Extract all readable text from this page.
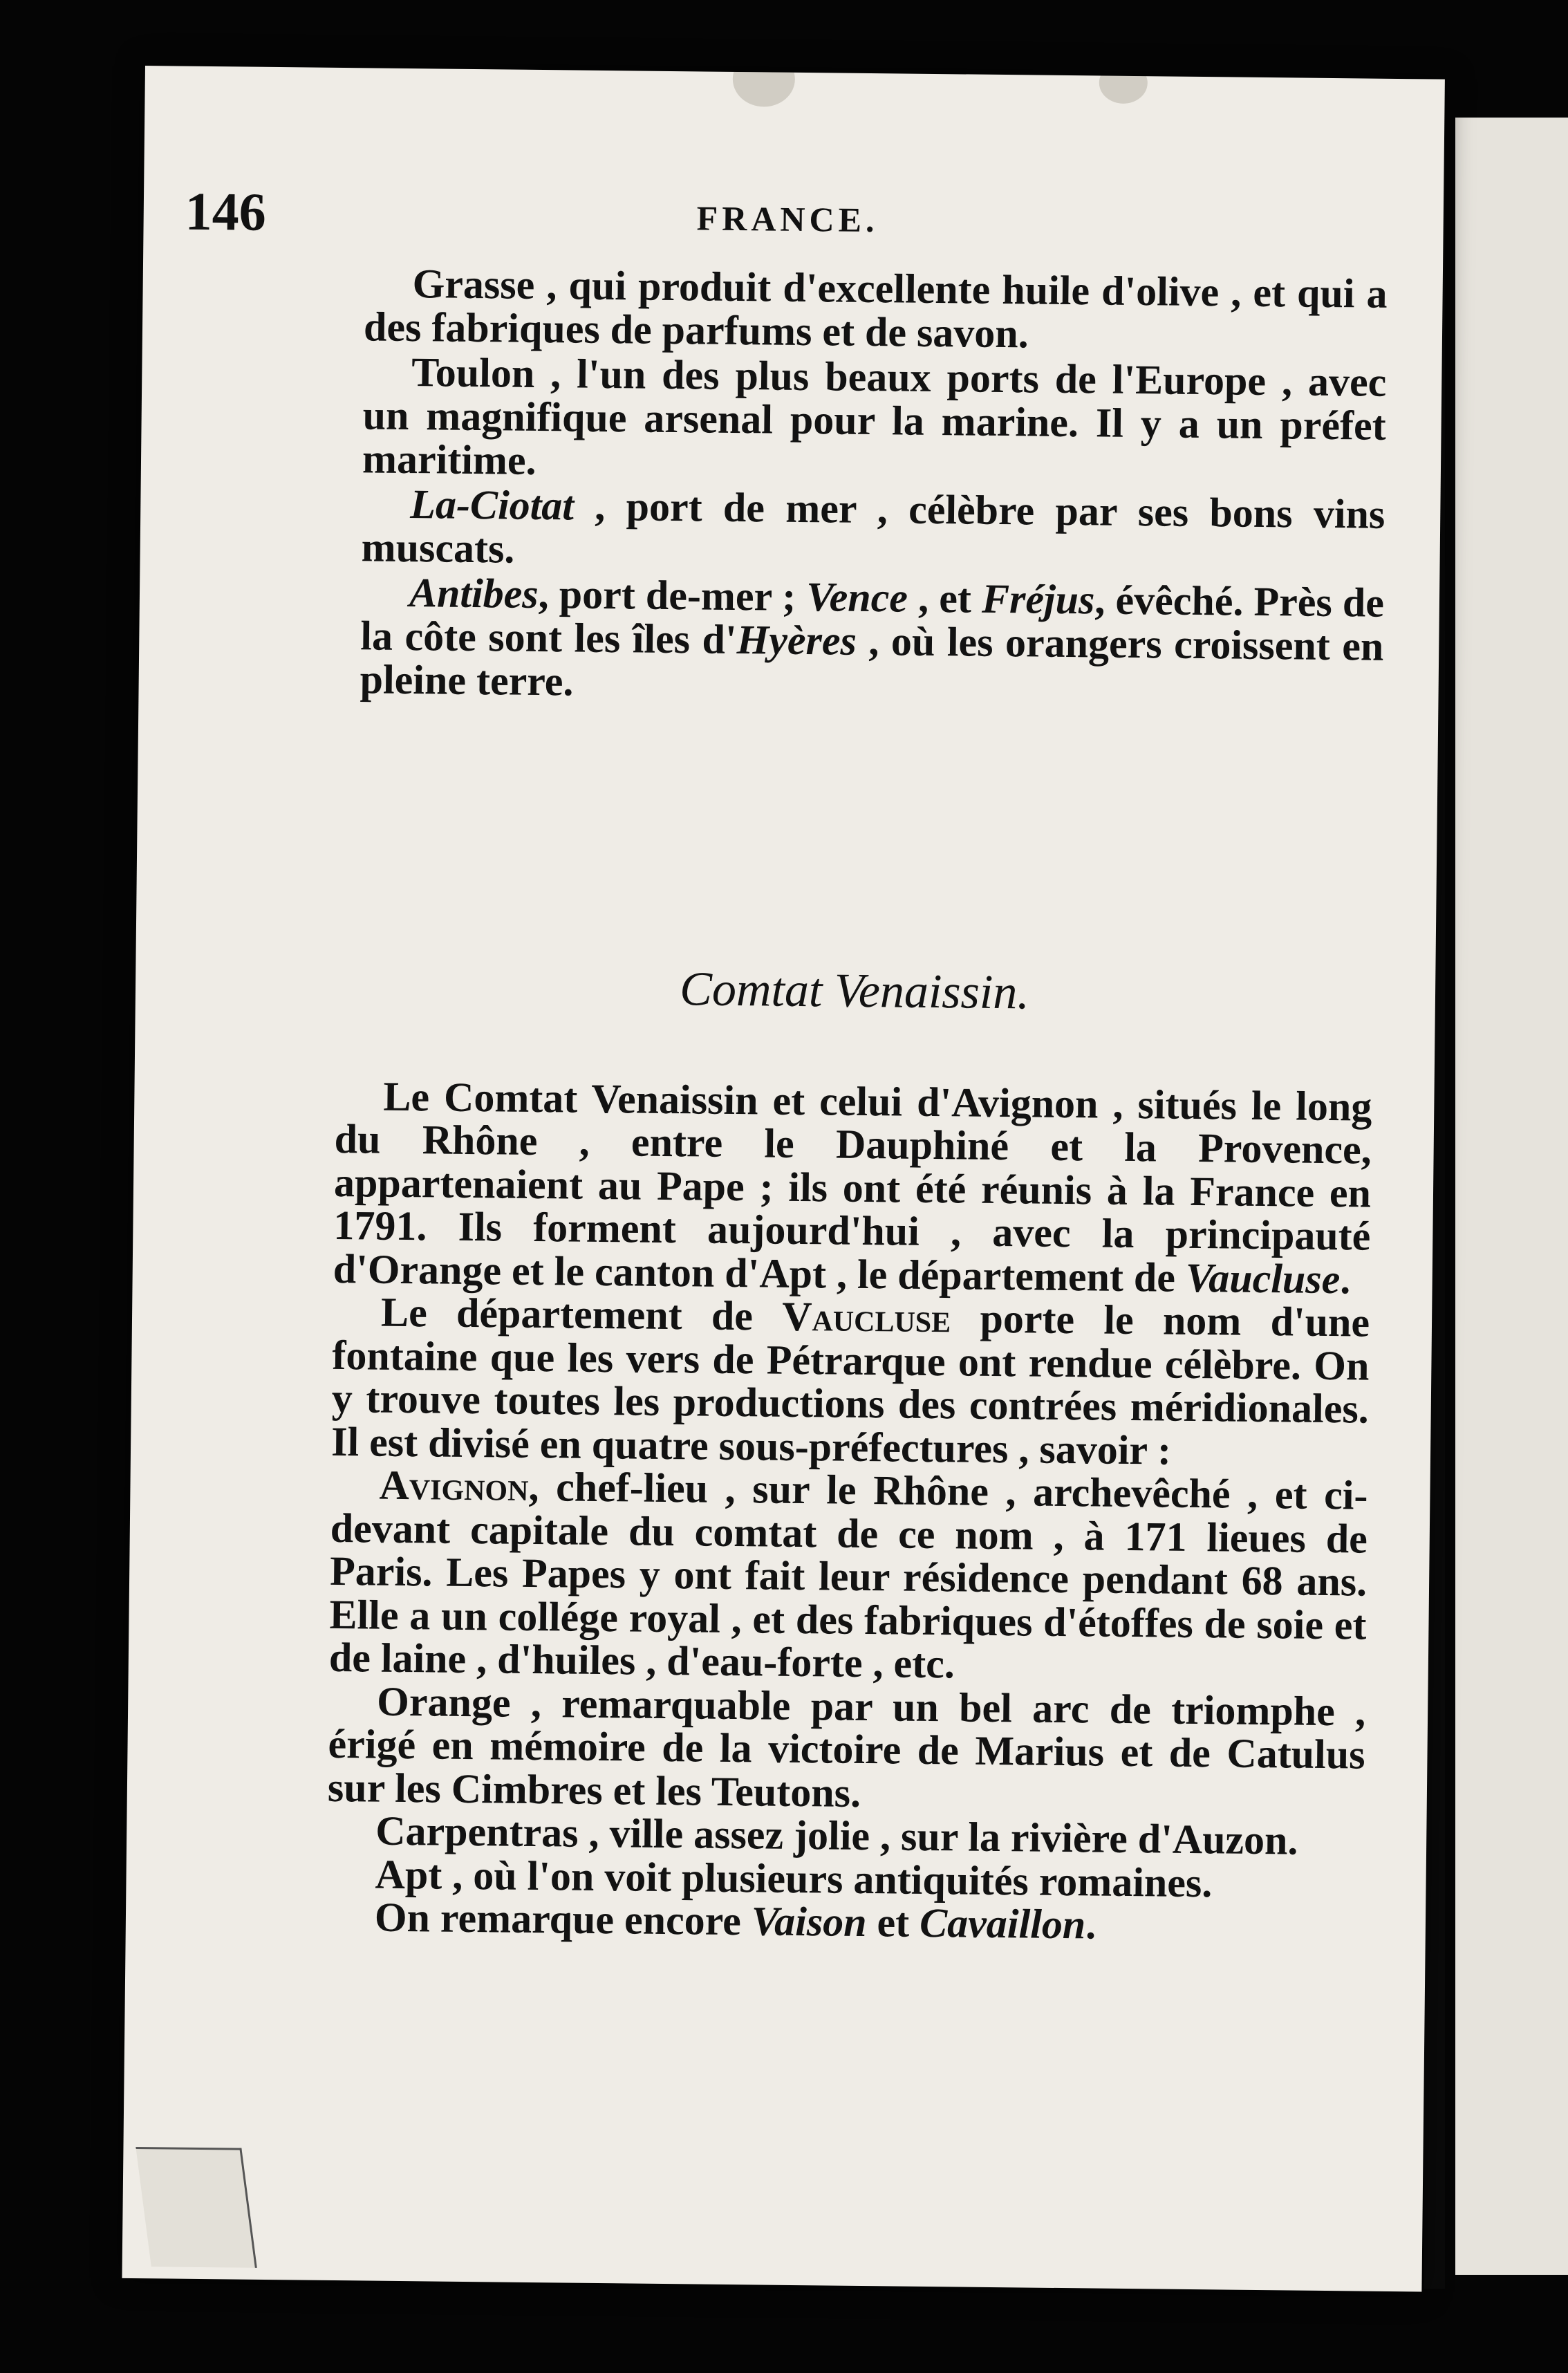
146	FRANCE.

Grasse , qui produit d'excellente huile d'olive , et qui a des fabriques de parfums et de savon.

Toulon , l'un des plus beaux ports de l'Europe , avec un magnifique arsenal pour la marine. Il y a un préfet maritime.

La-Ciotat , port de mer , célèbre par ses bons vins muscats.

Antibes, port de-mer ; Vence , et Fréjus, évêché. Près de la côte sont les îles d'Hyères , où les orangers croissent en pleine terre.

Comtat Venaissin.

Le Comtat Venaissin et celui d'Avignon , situés le long du Rhône , entre le Dauphiné et la Provence, appartenaient au Pape ; ils ont été réunis à la France en 1791. Ils forment aujourd'hui , avec la principauté d'Orange et le canton d'Apt , le département de Vaucluse.

Le département de Vaucluse porte le nom d'une fontaine que les vers de Pétrarque ont rendue célèbre. On y trouve toutes les productions des contrées méridionales. Il est divisé en quatre sous-préfectures , savoir :

Avignon, chef-lieu , sur le Rhône , archevêché , et ci-devant capitale du comtat de ce nom , à 171 lieues de Paris. Les Papes y ont fait leur résidence pendant 68 ans. Elle a un collége royal , et des fabriques d'étoffes de soie et de laine , d'huiles , d'eau-forte , etc.

Orange , remarquable par un bel arc de triomphe , érigé en mémoire de la victoire de Marius et de Catulus sur les Cimbres et les Teutons.

Carpentras , ville assez jolie , sur la rivière d'Auzon.

Apt , où l'on voit plusieurs antiquités romaines.

On remarque encore Vaison et Cavaillon.
